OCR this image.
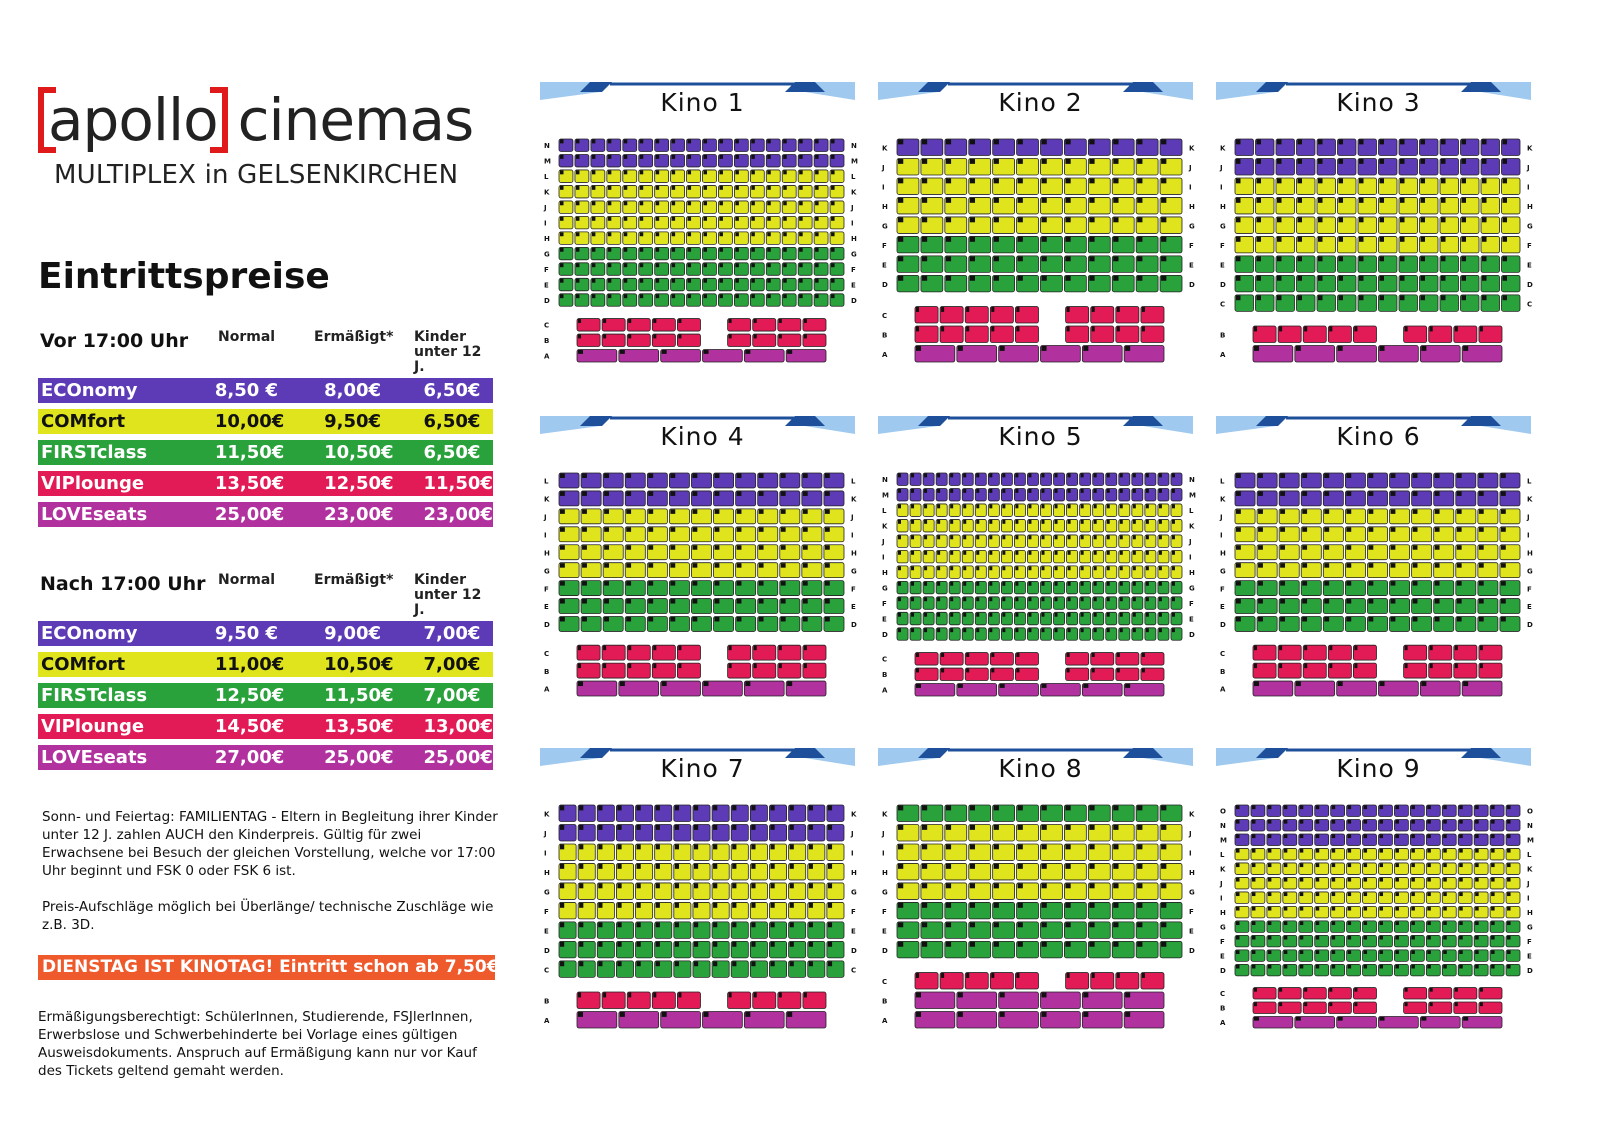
apollo cinemas
MULTIPLEX in GELSENKIRCHEN
Eintrittspreise
Vor 17:00 Uhr Normal	Ermäßigt* Kinder
unter 12 J.
ECOnomy	8,50 €	8,00€	6,50€
COMfort	10,00€	9,50€	6,50€
FIRSTclass	11,50€	10,50€	6,50€
VIPlounge	13,50€	12,50€	11,50€
LOVEseats	25,00€	23,00€	23,00€
Nach 17:00 Uhr Normal	Ermäßigt* Kinder
unter 12 J.
ECOnomy	9,50 €	9,00€	7,00€
COMfort	11,00€	10,50€	7,00€
FIRSTclass	12,50€	11,50€	7,00€
VIPlounge	14,50€	13,50€	13,00€
LOVEseats	27,00€	25,00€	25,00€
Sonn- und Feiertag: FAMILIENTAG - Eltern in Begleitung ihrer Kinder unter 12 J. zahlen AUCH den Kinderpreis. Gültig für zwei Erwachsene bei Besuch der gleichen Vorstellung, welche vor 17:00 Uhr beginnt und FSK 0 oder FSK 6 ist.
Preis-Aufschläge möglich bei Überlänge/ technische Zuschläge wie z.B. 3D.
DIENSTAG IST KINOTAG! Eintritt schon ab 7,50€
Ermäßigungsberechtigt: SchülerInnen, Studierende, FSJlerInnen, Erwerbslose und Schwerbehinderte bei Vorlage eines gültigen Ausweisdokuments. Anspruch auf Ermäßigung kann nur vor Kauf des Tickets geltend gemaht werden.
N	N
M	M
L	L
K	K
J	J
I	I
H	H
G	G
F	F
E	E
D	D
C
B
A
Kino 1
K	K
J	J
I	I
H	H
G	G
F	F
E	E
D	D
C
B
A
Kino 2
K	K
J	J
I	I
H	H
G	G
F	F
E	E
D	D
C	C
B
A
Kino 3
L	L
K	K
J	J
I	I
H	H
G	G
F	F
E	E
D	D
C
B
A
Kino 4
N	N
M	M
L	L
K	K
J	J
I	I
H	H
G	G
F	F
E	E
D	D
C
B
A
Kino 5
L	L
K	K
J	J
I	I
H	H
G	G
F	F
E	E
D	D
C
B
A
Kino 6
K	K
J	J
I	I
H	H
G	G
F	F
E	E
D	D
C	C
B
A
Kino 7
K	K
J	J
I	I
H	H
G	G
F	F
E	E
D	D
C
B
A
Kino 8
O	O
N	N
M	M
L	L
K	K
J	J
I	I
H	H
G	G
F	F
E	E
D	D
C
B
A
Kino 9
